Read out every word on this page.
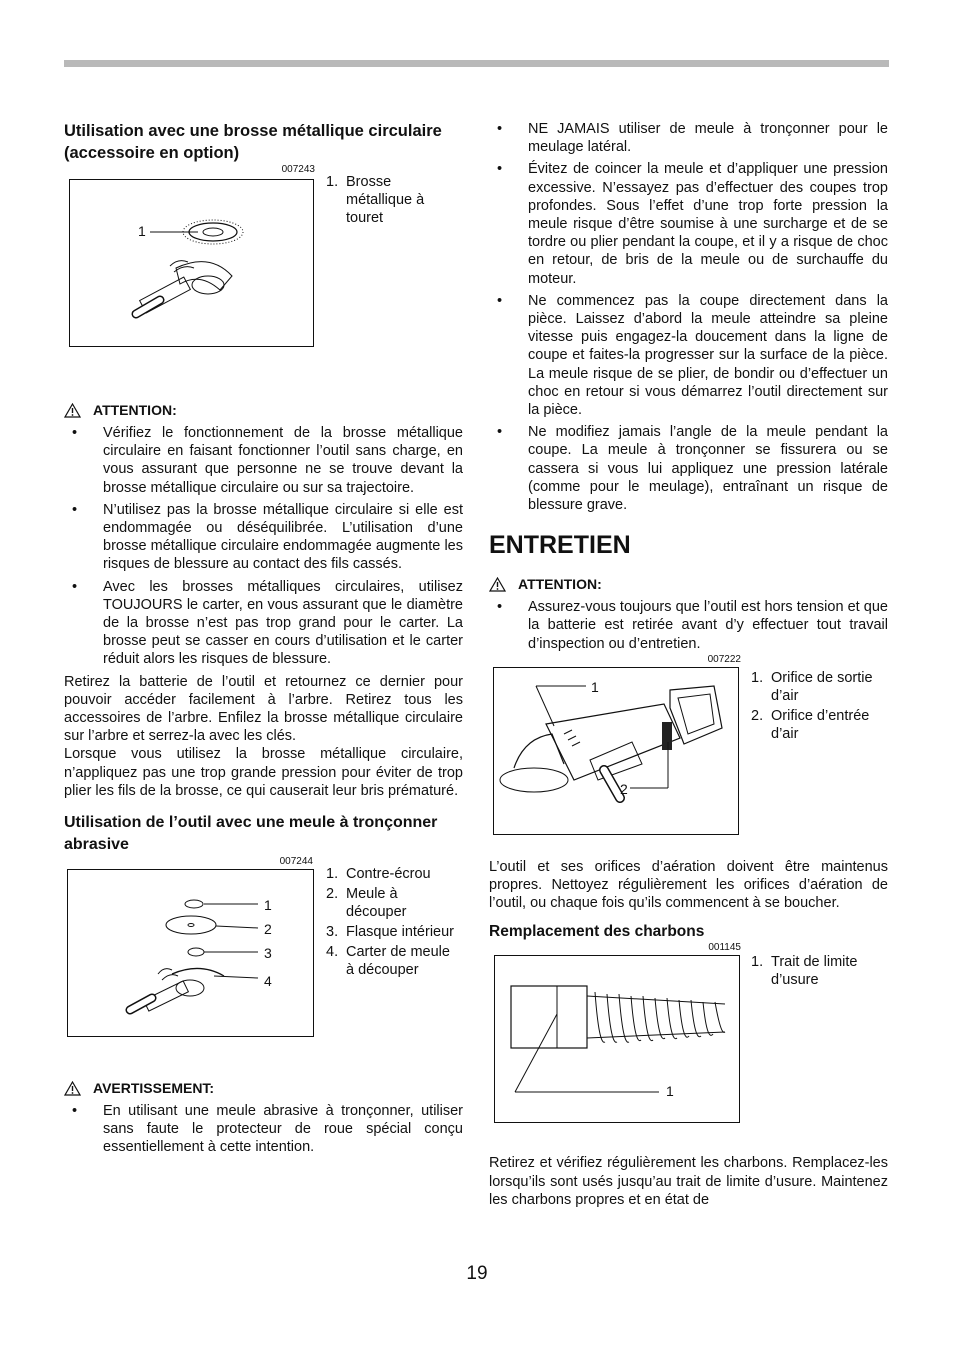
Utilisation avec une brosse métallique circulaire (accessoire en option)
007243
1
1. Brosse métallique à touret
ATTENTION:
• Vérifiez le fonctionnement de la brosse métallique circulaire en faisant fonctionner l’outil sans charge, en vous assurant que personne ne se trouve devant la brosse métallique circulaire ou sur sa trajectoire.
• N’utilisez pas la brosse métallique circulaire si elle est endommagée ou déséquilibrée. L’utilisation d’une brosse métallique circulaire endommagée augmente les risques de blessure au contact des fils cassés.
• Avec les brosses métalliques circulaires, utilisez TOUJOURS le carter, en vous assurant que le diamètre de la brosse n’est pas trop grand pour le carter. La brosse peut se casser en cours d’utilisation et le carter réduit alors les risques de blessure.

Retirez la batterie de l’outil et retournez ce dernier pour pouvoir accéder facilement à l’arbre. Retirez tous les accessoires de l’arbre. Enfilez la brosse métallique circulaire sur l’arbre et serrez-la avec les clés.

Lorsque vous utilisez la brosse métallique circulaire, n’appliquez pas une trop grande pression pour éviter de trop plier les fils de la brosse, ce qui causerait leur bris prématuré.

Utilisation de l’outil avec une meule à tronçonner abrasive
007244
1
2
3
4
1. Contre-écrou
2. Meule à découper
3. Flasque intérieur
4. Carter de meule à découper
AVERTISSEMENT:
• En utilisant une meule abrasive à tronçonner, utiliser sans faute le protecteur de roue spécial conçu essentiellement à cette intention.
• NE JAMAIS utiliser de meule à tronçonner pour le meulage latéral.
• Évitez de coincer la meule et d’appliquer une pression excessive. N’essayez pas d’effectuer des coupes trop profondes. Sous l’effet d’une trop forte pression la meule risque d’être soumise à une surcharge et de se tordre ou plier pendant la coupe, et il y a risque de choc en retour, de bris de la meule ou de surchauffe du moteur.
• Ne commencez pas la coupe directement dans la pièce. Laissez d’abord la meule atteindre sa pleine vitesse puis engagez-la doucement dans la ligne de coupe et faites-la progresser sur la surface de la pièce. La meule risque de se plier, de bondir ou d’effectuer un choc en retour si vous démarrez l’outil directement sur la pièce.
• Ne modifiez jamais l’angle de la meule pendant la coupe. La meule à tronçonner se fissurera ou se cassera si vous lui appliquez une pression latérale (comme pour le meulage), entraînant un risque de blessure grave.
ENTRETIEN
ATTENTION:
• Assurez-vous toujours que l’outil est hors tension et que la batterie est retirée avant d’y effectuer tout travail d’inspection ou d’entretien.
007222
1
2
1. Orifice de sortie d’air
2. Orifice d’entrée d’air

L’outil et ses orifices d’aération doivent être maintenus propres. Nettoyez régulièrement les orifices d’aération de l’outil, ou chaque fois qu’ils commencent à se boucher.

Remplacement des charbons
001145
1
1. Trait de limite d’usure

Retirez et vérifiez régulièrement les charbons. Remplacez-les lorsqu’ils sont usés jusqu’au trait de limite d’usure. Maintenez les charbons propres et en état de

19
